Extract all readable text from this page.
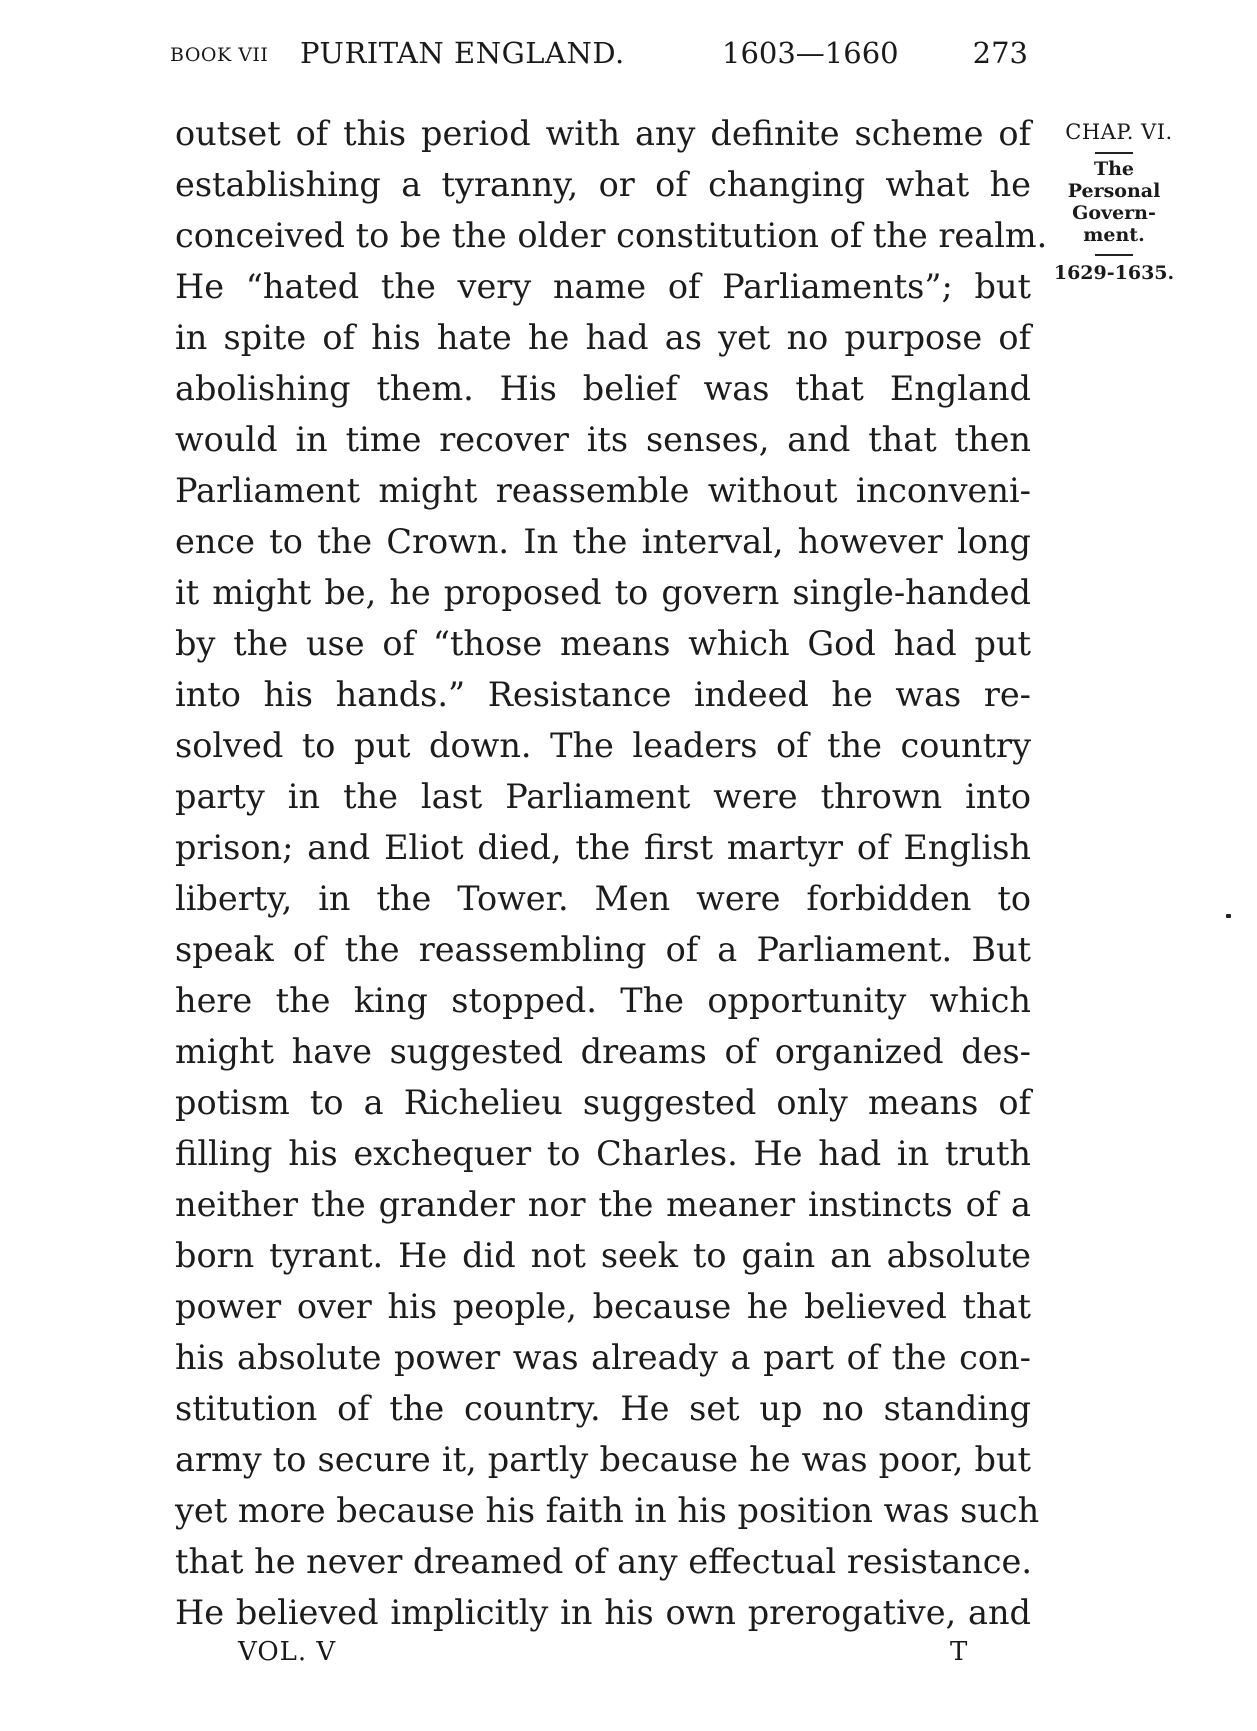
BOOK VII PURITAN ENGLAND.	1603—1660	273
outset of this period with any definite scheme of
establishing a tyranny, or of changing what he
conceived to be the older constitution of the realm.
He “hated the very name of Parliaments”; but
in spite of his hate he had as yet no purpose of
abolishing them. His belief was that England
would in time recover its senses, and that then
Parliament might reassemble without inconveni-
ence to the Crown. In the interval, however long
it might be, he proposed to govern single-handed
by the use of “those means which God had put
into his hands.” Resistance indeed he was re-
solved to put down. The leaders of the country
party in the last Parliament were thrown into
prison; and Eliot died, the first martyr of English
liberty, in the Tower. Men were forbidden to
speak of the reassembling of a Parliament. But
here the king stopped. The opportunity which
might have suggested dreams of organized des-
potism to a Richelieu suggested only means of
filling his exchequer to Charles. He had in truth
neither the grander nor the meaner instincts of a
born tyrant. He did not seek to gain an absolute
power over his people, because he believed that
his absolute power was already a part of the con-
stitution of the country. He set up no standing
army to secure it, partly because he was poor, but
yet more because his faith in his position was such
that he never dreamed of any effectual resistance.
He believed implicitly in his own prerogative, and
CHAP. VI.
The
Personal
Govern-
ment.
1629-1635.
VOL. V	T
